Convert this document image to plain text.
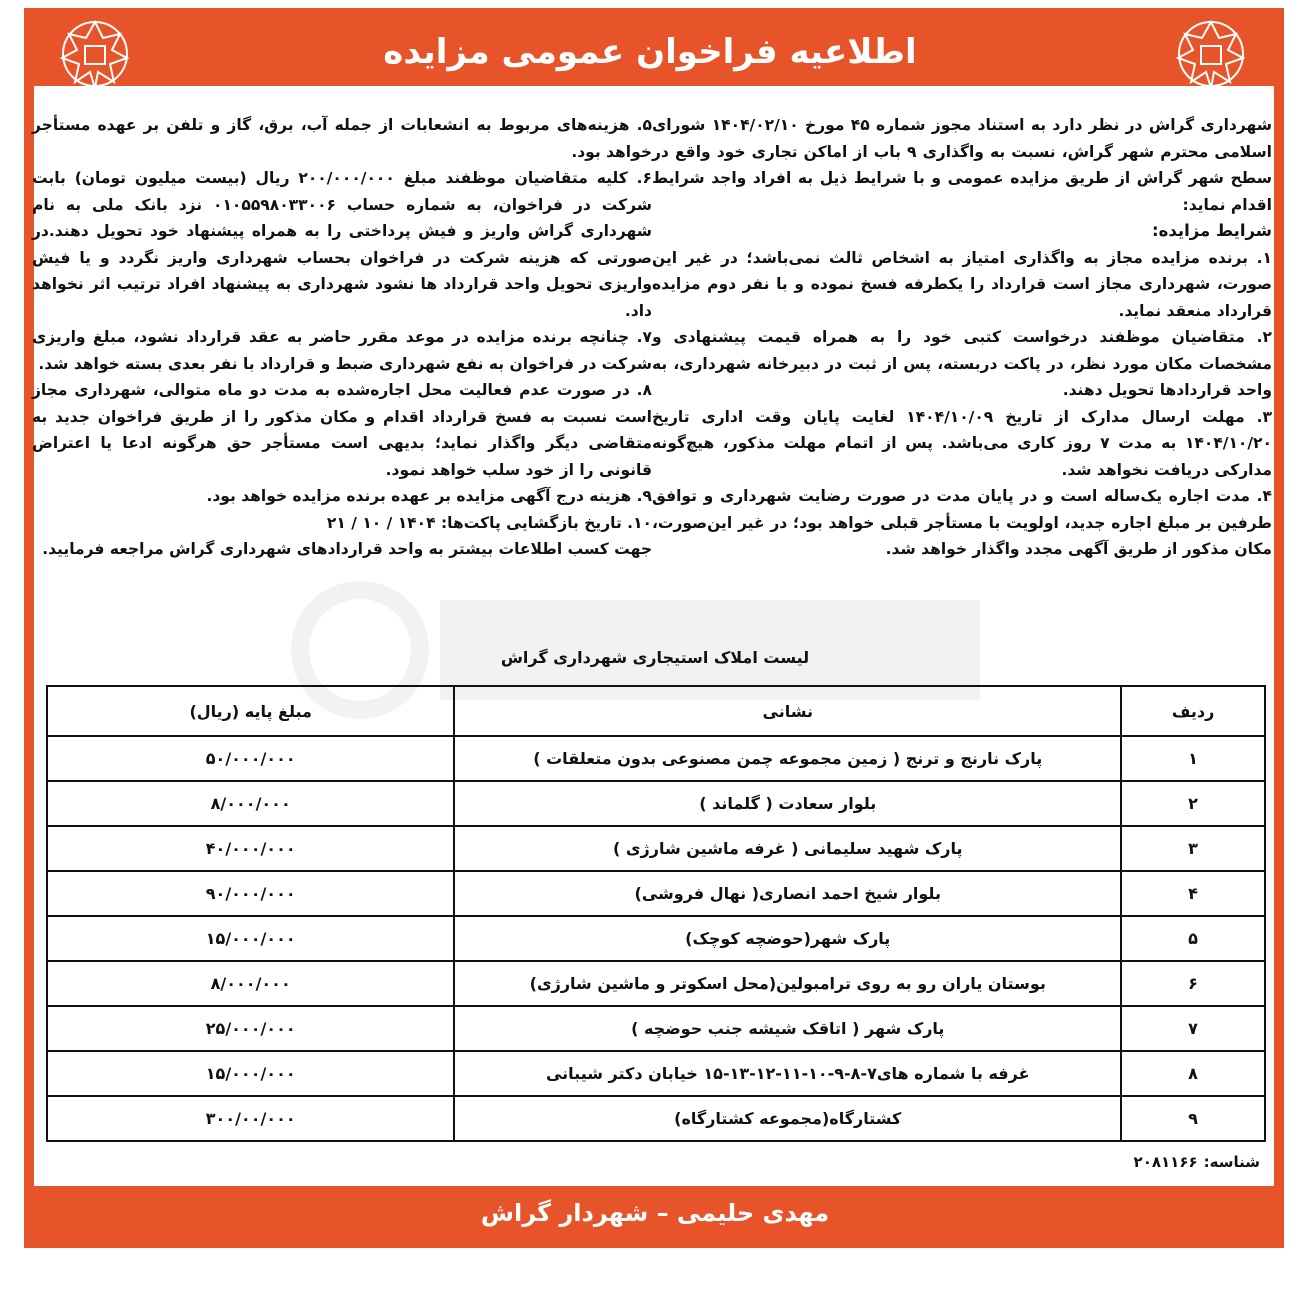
اطلاعیه فراخوان عمومی مزایده

شهرداری گراش در نظر دارد به استناد مجوز شماره ۴۵ مورخ ۱۴۰۴/۰۲/۱۰ شورای اسلامی محترم شهر گراش، نسبت به واگذاری ۹ باب از اماکن تجاری خود واقع در سطح شهر گراش از طریق مزایده عمومی و با شرایط ذیل به افراد واجد شرایط اقدام نماید:

شرایط مزایده:

۱. برنده مزایده مجاز به واگذاری امتیاز به اشخاص ثالث نمی‌باشد؛ در غیر این صورت، شهرداری مجاز است قرارداد را یکطرفه فسخ نموده و با نفر دوم مزایده قرارداد منعقد نماید.

۲. متقاضیان موظفند درخواست کتبی خود را به همراه قیمت پیشنهادی و مشخصات مکان مورد نظر، در پاکت دربسته، پس از ثبت در دبیرخانه شهرداری، به واحد قراردادها تحویل دهند.

۳. مهلت ارسال مدارک از تاریخ ۱۴۰۴/۱۰/۰۹ لغایت پایان وقت اداری تاریخ ۱۴۰۴/۱۰/۲۰ به مدت ۷ روز کاری می‌باشد. پس از اتمام مهلت مذکور، هیچ‌گونه مدارکی دریافت نخواهد شد.

۴. مدت اجاره یک‌ساله است و در پایان مدت در صورت رضایت شهرداری و توافق طرفین بر مبلغ اجاره جدید، اولویت با مستأجر قبلی خواهد بود؛ در غیر این‌صورت، مکان مذکور از طریق آگهی مجدد واگذار خواهد شد.

۵. هزینه‌های مربوط به انشعابات از جمله آب، برق، گاز و تلفن بر عهده مستأجر خواهد بود.

۶. کلیه متقاضیان موظفند مبلغ ۲۰۰/۰۰۰/۰۰۰ ریال (بیست میلیون تومان) بابت شرکت در فراخوان، به شماره حساب ۰۱۰۵۵۹۸۰۳۳۰۰۶ نزد بانک ملی به نام شهرداری گراش واریز و فیش پرداختی را به همراه پیشنهاد خود تحویل دهند.در صورتی که هزینه شرکت در فراخوان بحساب شهرداری واریز نگردد و یا فیش واریزی تحویل واحد قرارداد ها نشود شهرداری به پیشنهاد افراد ترتیب اثر نخواهد داد.

۷. چنانچه برنده مزایده در موعد مقرر حاضر به عقد قرارداد نشود، مبلغ واریزی شرکت در فراخوان به نفع شهرداری ضبط و قرارداد با نفر بعدی بسته خواهد شد.

۸. در صورت عدم فعالیت محل اجاره‌شده به مدت دو ماه متوالی، شهرداری مجاز است نسبت به فسخ قرارداد اقدام و مکان مذکور را از طریق فراخوان جدید به متقاضی دیگر واگذار نماید؛ بدیهی است مستأجر حق هرگونه ادعا یا اعتراض قانونی را از خود سلب خواهد نمود.

۹. هزینه درج آگهی مزایده بر عهده برنده مزایده خواهد بود.

۱۰. تاریخ بازگشایی پاکت‌ها: ۱۴۰۴ / ۱۰ / ۲۱

جهت کسب اطلاعات بیشتر به واحد قراردادهای شهرداری گراش مراجعه فرمایید.

لیست املاک استیجاری شهرداری گراش
ردیف	نشانی	مبلغ پایه (ریال)
۱	پارک نارنج و ترنج ( زمین مجموعه چمن مصنوعی بدون متعلقات )	۵۰/۰۰۰/۰۰۰
۲	بلوار سعادت ( گلماند )	۸/۰۰۰/۰۰۰
۳	پارک شهید سلیمانی ( غرفه ماشین شارژی )	۴۰/۰۰۰/۰۰۰
۴	بلوار شیخ احمد انصاری( نهال فروشی)	۹۰/۰۰۰/۰۰۰
۵	پارک شهر(حوضچه کوچک)	۱۵/۰۰۰/۰۰۰
۶	بوستان یاران رو به روی ترامبولین(محل اسکوتر و ماشین شارژی)	۸/۰۰۰/۰۰۰
۷	پارک شهر ( اتاقک شیشه جنب حوضچه )	۲۵/۰۰۰/۰۰۰
۸	غرفه با شماره های۷-۸-۹-۱۰-۱۱-۱۲-۱۳-۱۵ خیابان دکتر شیبانی	۱۵/۰۰۰/۰۰۰
۹	کشتارگاه(مجموعه کشتارگاه)	۳۰۰/۰۰/۰۰۰
شناسه:۲۰۸۱۱۶۶
مهدی حلیمی – شهردار گراش
